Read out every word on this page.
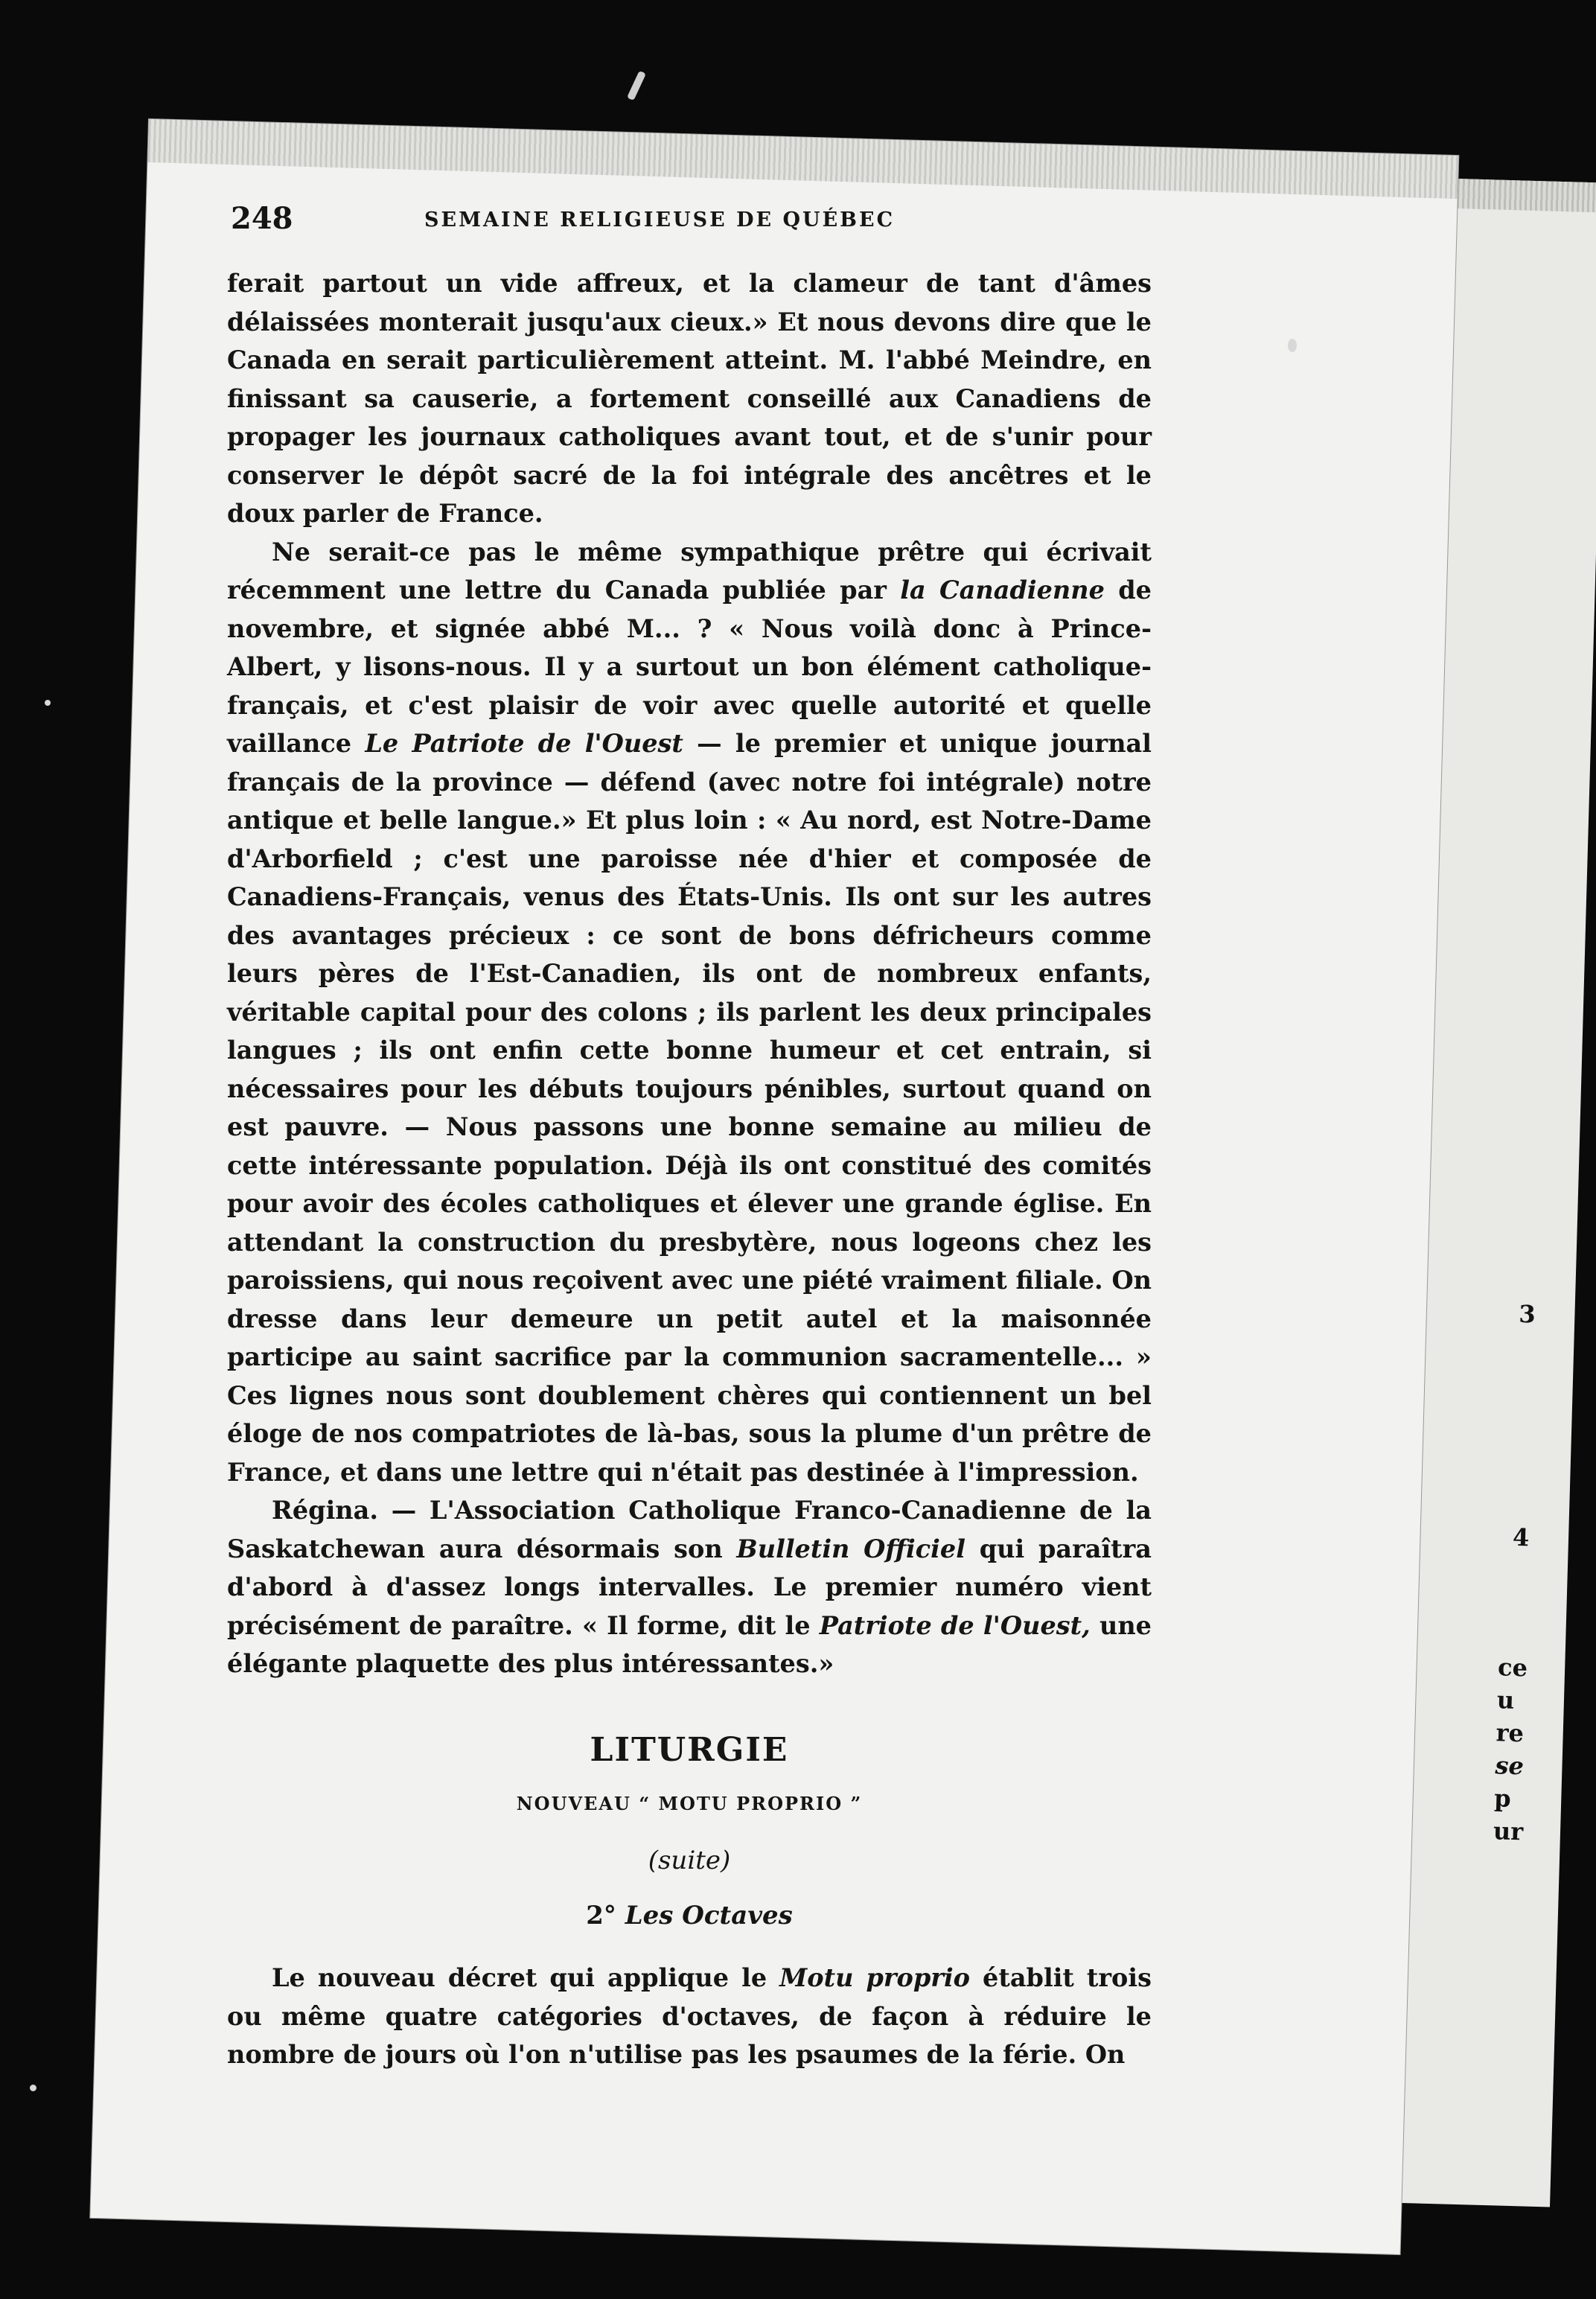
3
4
ce
u
re
se
p
ur
248	SEMAINE RELIGIEUSE DE QUÉBEC

ferait partout un vide affreux, et la clameur de tant d'âmes délaissées monterait jusqu'aux cieux.» Et nous devons dire que le Canada en serait particulièrement atteint. M. l'abbé Meindre, en finissant sa causerie, a fortement conseillé aux Canadiens de propager les journaux catholiques avant tout, et de s'unir pour conserver le dépôt sacré de la foi intégrale des ancêtres et le doux parler de France.

Ne serait-ce pas le même sympathique prêtre qui écrivait récemment une lettre du Canada publiée par la Canadienne de novembre, et signée abbé M... ? « Nous voilà donc à Prince-Albert, y lisons-nous. Il y a surtout un bon élément catholique-français, et c'est plaisir de voir avec quelle autorité et quelle vaillance Le Patriote de l'Ouest — le premier et unique journal français de la province — défend (avec notre foi intégrale) notre antique et belle langue.» Et plus loin : « Au nord, est Notre-Dame d'Arborfield ; c'est une paroisse née d'hier et composée de Canadiens-Français, venus des États-Unis. Ils ont sur les autres des avantages précieux : ce sont de bons défricheurs comme leurs pères de l'Est-Canadien, ils ont de nombreux enfants, véritable capital pour des colons ; ils parlent les deux principales langues ; ils ont enfin cette bonne humeur et cet entrain, si nécessaires pour les débuts toujours pénibles, surtout quand on est pauvre. — Nous passons une bonne semaine au milieu de cette intéressante population. Déjà ils ont constitué des comités pour avoir des écoles catholiques et élever une grande église. En attendant la construction du presbytère, nous logeons chez les paroissiens, qui nous reçoivent avec une piété vraiment filiale. On dresse dans leur demeure un petit autel et la maisonnée participe au saint sacrifice par la communion sacramentelle... » Ces lignes nous sont doublement chères qui contiennent un bel éloge de nos compatriotes de là-bas, sous la plume d'un prêtre de France, et dans une lettre qui n'était pas destinée à l'impression.

Régina. — L'Association Catholique Franco-Canadienne de la Saskatchewan aura désormais son Bulletin Officiel qui paraîtra d'abord à d'assez longs intervalles. Le premier numéro vient précisément de paraître. « Il forme, dit le Patriote de l'Ouest, une élégante plaquette des plus intéressantes.»

LITURGIE
NOUVEAU “ MOTU PROPRIO ”
(suite)
2° Les Octaves

Le nouveau décret qui applique le Motu proprio établit trois ou même quatre catégories d'octaves, de façon à réduire le nombre de jours où l'on n'utilise pas les psaumes de la férie. On
